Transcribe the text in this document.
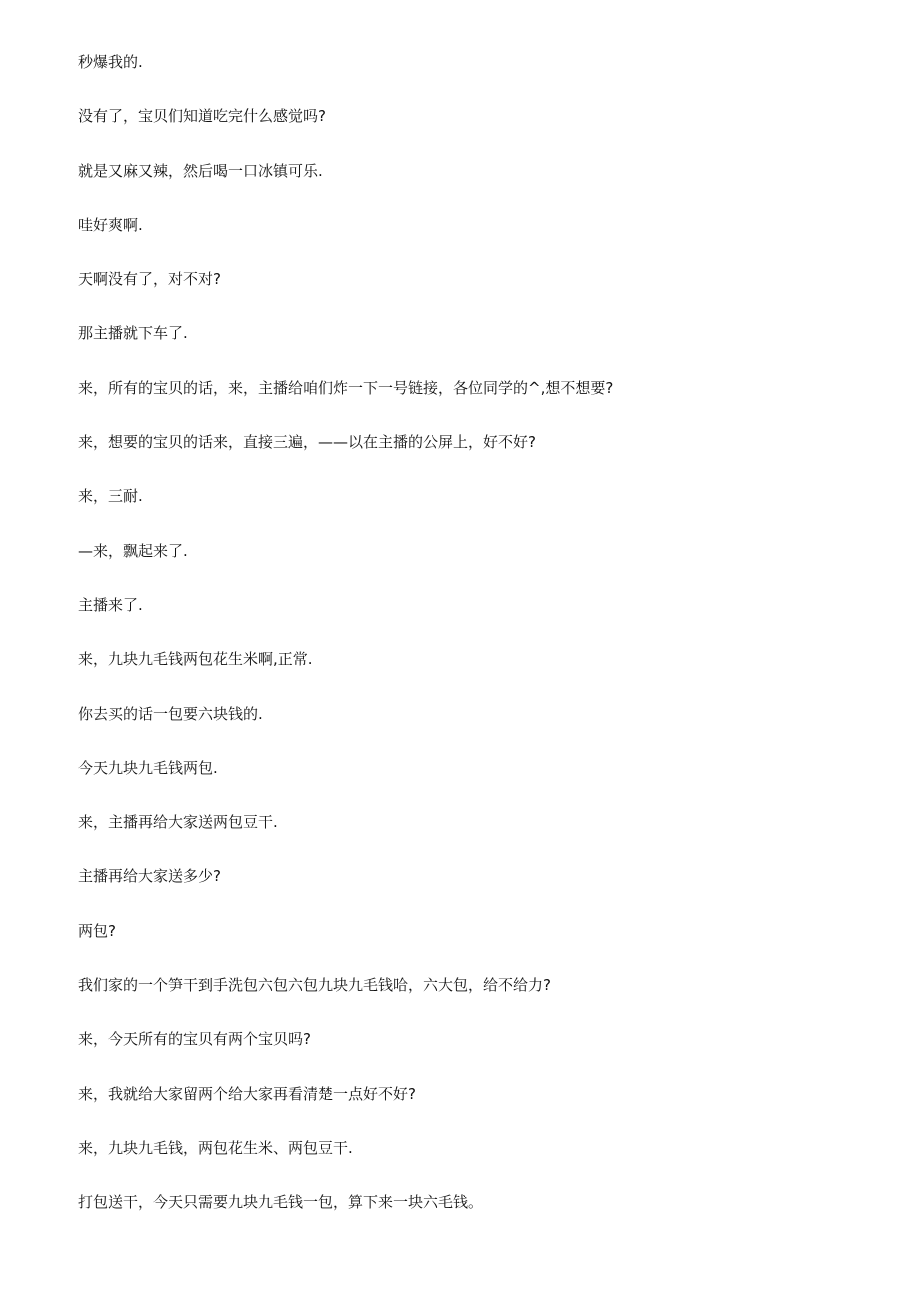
秒爆我的.
没有了，宝贝们知道吃完什么感觉吗?
就是又麻又辣，然后喝一口冰镇可乐.
哇好爽啊.
天啊没有了，对不对?
那主播就下车了.
来，所有的宝贝的话，来，主播给咱们炸一下一号链接，各位同学的^,想不想要?
来，想要的宝贝的话来，直接三遍，——以在主播的公屏上，好不好?
来，三耐.
—来，飘起来了.
主播来了.
来，九块九毛钱两包花生米啊,正常.
你去买的话一包要六块钱的.
今天九块九毛钱两包.
来，主播再给大家送两包豆干.
主播再给大家送多少?
两包?
我们家的一个笋干到手洗包六包六包九块九毛钱哈，六大包，给不给力?
来，今天所有的宝贝有两个宝贝吗?
来，我就给大家留两个给大家再看清楚一点好不好?
来，九块九毛钱，两包花生米、两包豆干.
打包送干，今天只需要九块九毛钱一包，算下来一块六毛钱。
